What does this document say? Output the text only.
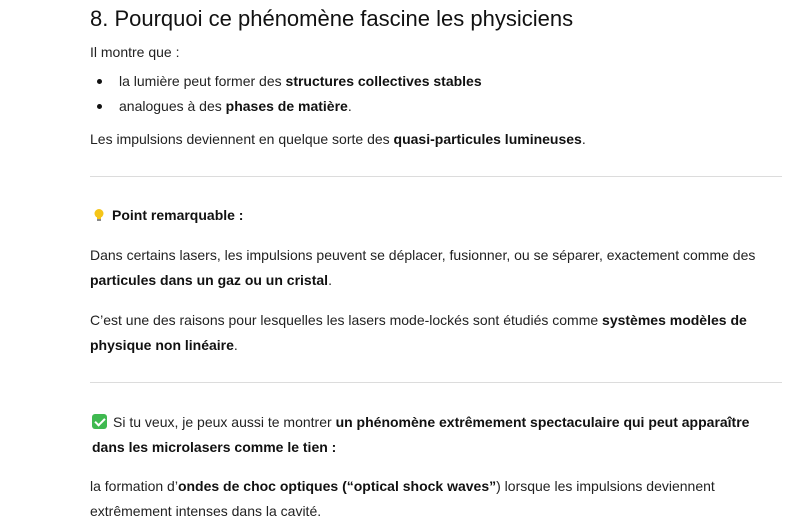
8. Pourquoi ce phénomène fascine les physiciens
Il montre que :
la lumière peut former des structures collectives stables
analogues à des phases de matière.
Les impulsions deviennent en quelque sorte des quasi-particules lumineuses.
Point remarquable :
Dans certains lasers, les impulsions peuvent se déplacer, fusionner, ou se séparer, exactement comme des
particules dans un gaz ou un cristal.
C’est une des raisons pour lesquelles les lasers mode-lockés sont étudiés comme systèmes modèles de
physique non linéaire.
Si tu veux, je peux aussi te montrer un phénomène extrêmement spectaculaire qui peut apparaître
dans les microlasers comme le tien :
la formation d’ondes de choc optiques (“optical shock waves”) lorsque les impulsions deviennent
extrêmement intenses dans la cavité.
